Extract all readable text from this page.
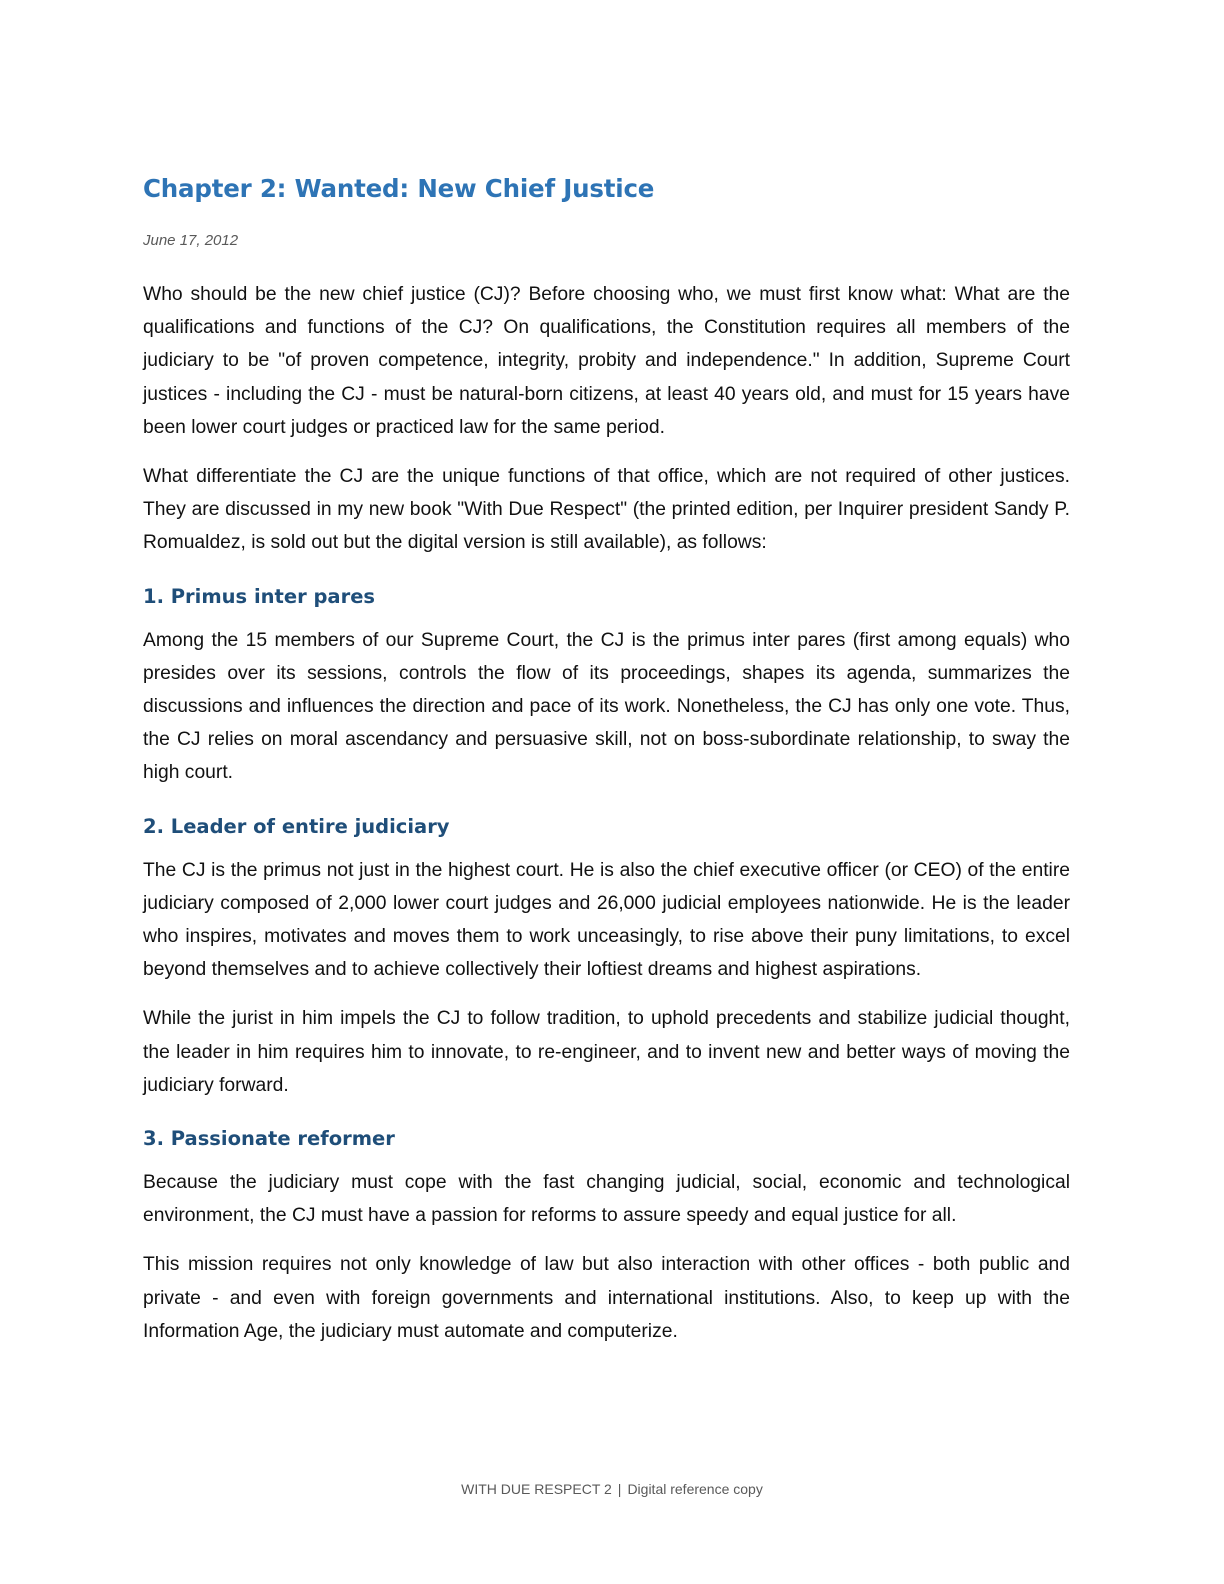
Chapter 2: Wanted: New Chief Justice
June 17, 2012

Who should be the new chief justice (CJ)? Before choosing who, we must first know what: What are the qualifications and functions of the CJ? On qualifications, the Constitution requires all members of the judiciary to be "of proven competence, integrity, probity and independence." In addition, Supreme Court justices - including the CJ - must be natural-born citizens, at least 40 years old, and must for 15 years have been lower court judges or practiced law for the same period.

What differentiate the CJ are the unique functions of that office, which are not required of other justices. They are discussed in my new book "With Due Respect" (the printed edition, per Inquirer president Sandy P. Romualdez, is sold out but the digital version is still available), as follows:

1. Primus inter pares

Among the 15 members of our Supreme Court, the CJ is the primus inter pares (first among equals) who presides over its sessions, controls the flow of its proceedings, shapes its agenda, summarizes the discussions and influences the direction and pace of its work. Nonetheless, the CJ has only one vote. Thus, the CJ relies on moral ascendancy and persuasive skill, not on boss-subordinate relationship, to sway the high court.

2. Leader of entire judiciary

The CJ is the primus not just in the highest court. He is also the chief executive officer (or CEO) of the entire judiciary composed of 2,000 lower court judges and 26,000 judicial employees nationwide. He is the leader who inspires, motivates and moves them to work unceasingly, to rise above their puny limitations, to excel beyond themselves and to achieve collectively their loftiest dreams and highest aspirations.

While the jurist in him impels the CJ to follow tradition, to uphold precedents and stabilize judicial thought, the leader in him requires him to innovate, to re-engineer, and to invent new and better ways of moving the judiciary forward.

3. Passionate reformer

Because the judiciary must cope with the fast changing judicial, social, economic and technological environment, the CJ must have a passion for reforms to assure speedy and equal justice for all.

This mission requires not only knowledge of law but also interaction with other offices - both public and private - and even with foreign governments and international institutions. Also, to keep up with the Information Age, the judiciary must automate and computerize.

WITH DUE RESPECT 2 | Digital reference copy
